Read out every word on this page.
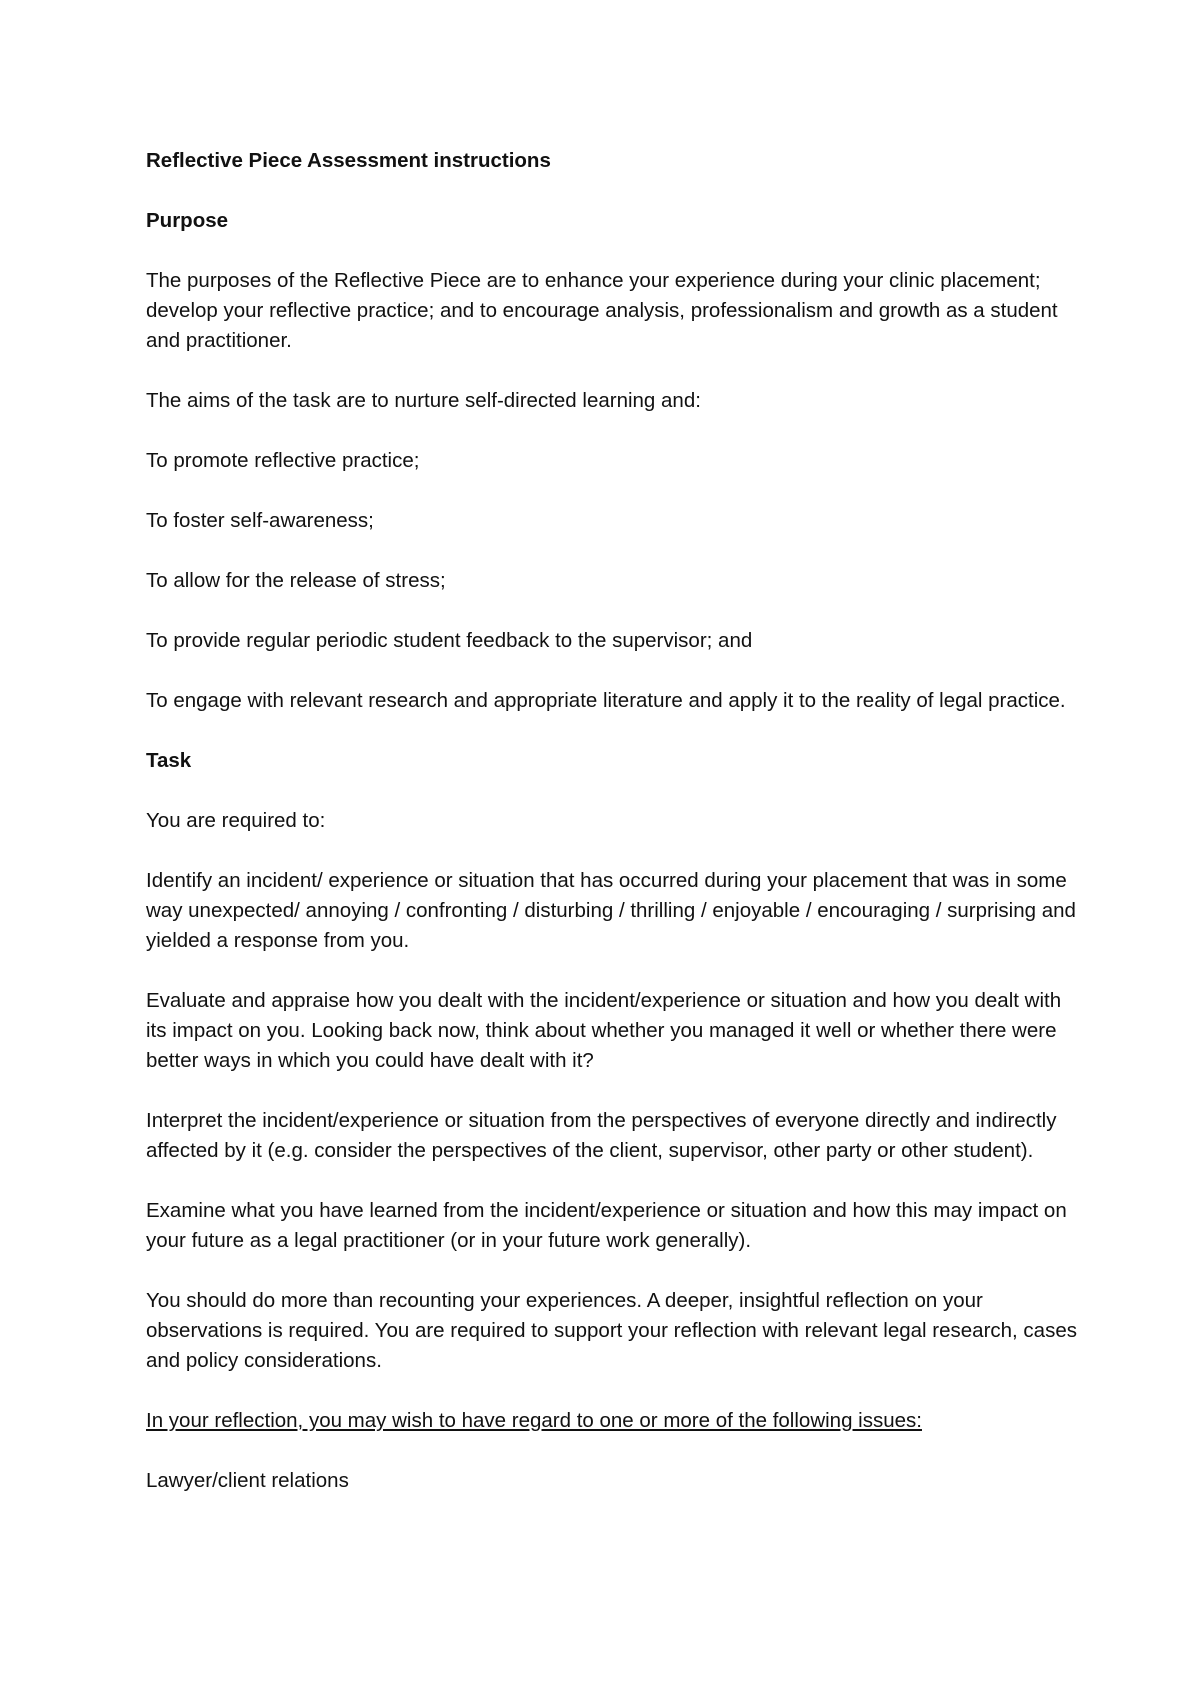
Reflective Piece Assessment instructions
Purpose

The purposes of the Reflective Piece are to enhance your experience during your clinic placement; develop your reflective practice; and to encourage analysis, professionalism and growth as a student and practitioner.

The aims of the task are to nurture self-directed learning and:

To promote reflective practice;

To foster self-awareness;

To allow for the release of stress;

To provide regular periodic student feedback to the supervisor; and

To engage with relevant research and appropriate literature and apply it to the reality of legal practice.

Task

You are required to:

Identify an incident/ experience or situation that has occurred during your placement that was in some way unexpected/ annoying / confronting / disturbing / thrilling / enjoyable / encouraging / surprising and yielded a response from you.

Evaluate and appraise how you dealt with the incident/experience or situation and how you dealt with its impact on you. Looking back now, think about whether you managed it well or whether there were better ways in which you could have dealt with it?

Interpret the incident/experience or situation from the perspectives of everyone directly and indirectly affected by it (e.g. consider the perspectives of the client, supervisor, other party or other student).

Examine what you have learned from the incident/experience or situation and how this may impact on your future as a legal practitioner (or in your future work generally).

You should do more than recounting your experiences. A deeper, insightful reflection on your observations is required. You are required to support your reflection with relevant legal research, cases and policy considerations.

In your reflection, you may wish to have regard to one or more of the following issues:

Lawyer/client relations
